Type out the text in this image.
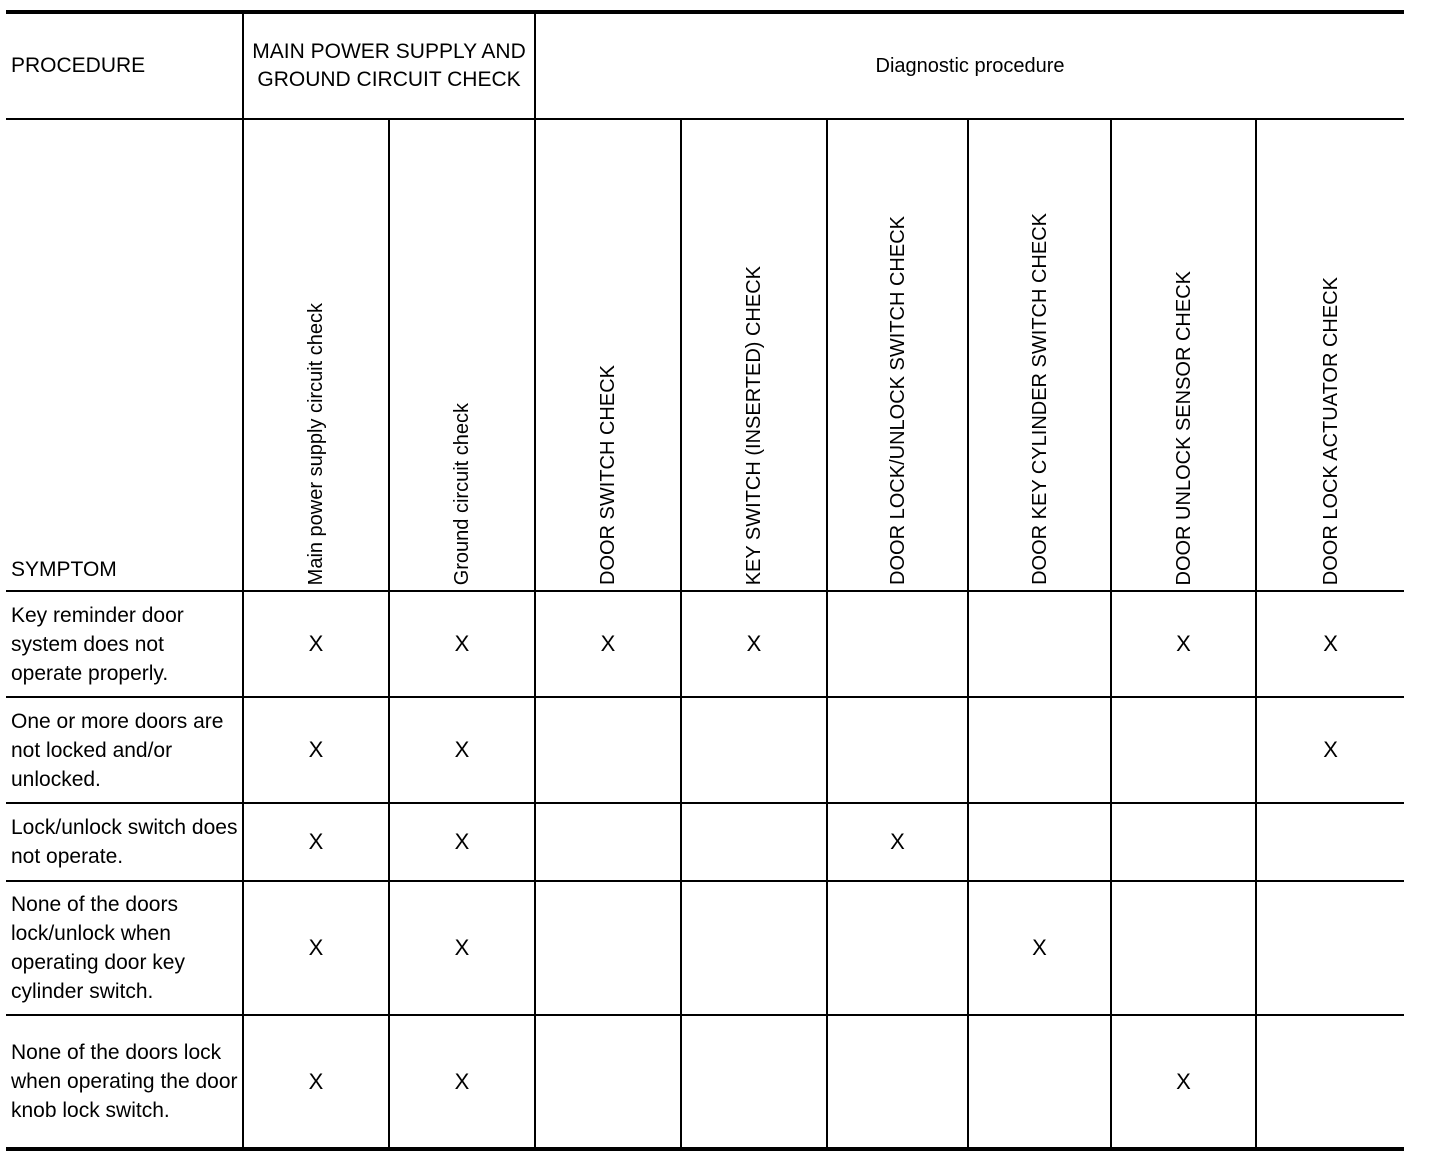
PROCEDURE	MAIN POWER SUPPLY AND GROUND CIRCUIT CHECK		Diagnostic procedure					
SYMPTOM	Main power supply circuit check	Ground circuit check	DOOR SWITCH CHECK	KEY SWITCH (INSERTED) CHECK	DOOR LOCK/UNLOCK SWITCH CHECK	DOOR KEY CYLINDER SWITCH CHECK	DOOR UNLOCK SENSOR CHECK	DOOR LOCK ACTUATOR CHECK
Key reminder door system does not operate properly.	X	X	X	X			X	X
One or more doors are not locked and/or unlocked.	X	X						X
Lock/unlock switch does not operate.	X	X			X			
None of the doors lock/unlock when operating door key cylinder switch.	X	X				X		
None of the doors lock when operating the door knob lock switch.	X	X					X	
